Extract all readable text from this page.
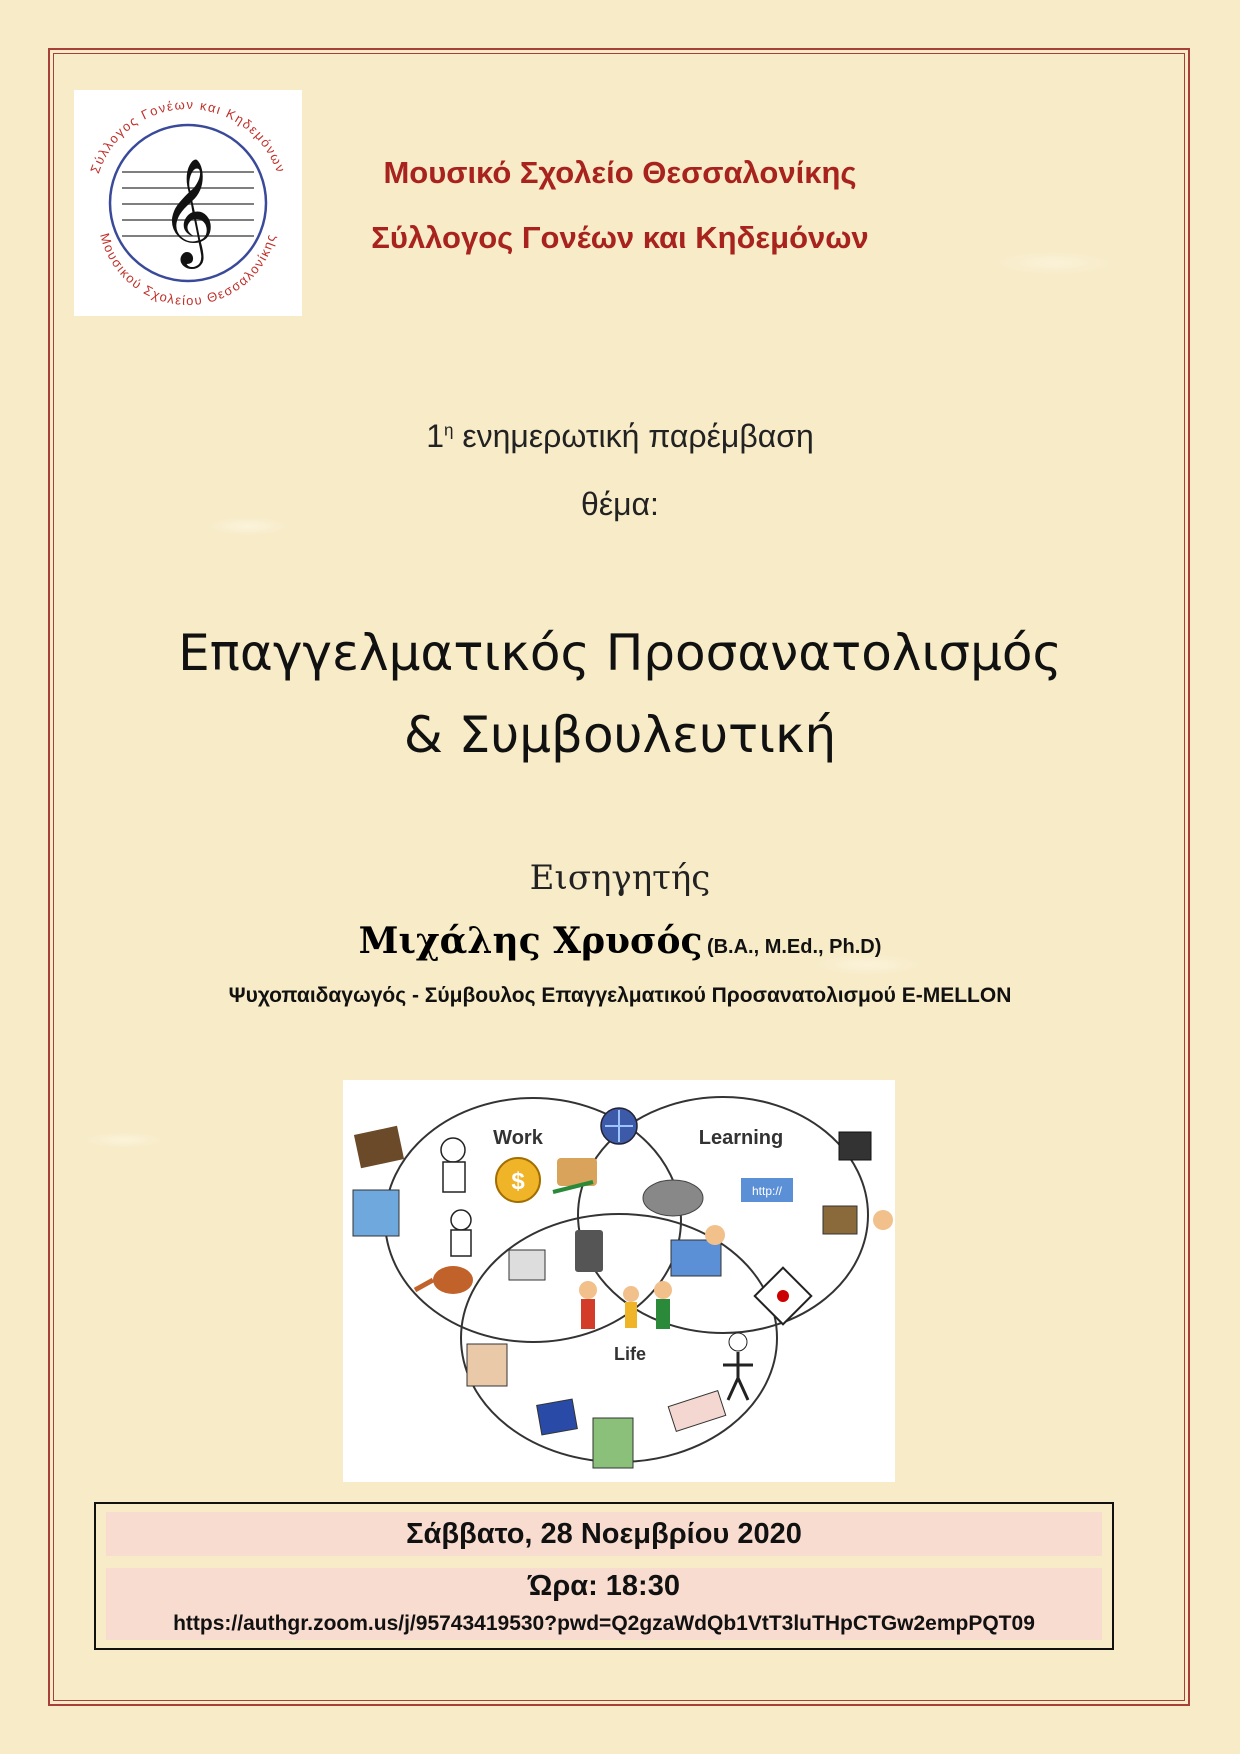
Σύλλογος Γονέων και Κηδεμόνων
Μουσικού Σχολείου Θεσσαλονίκης
𝄞	Μουσικό Σχολείο Θεσσαλονίκης
Σύλλογος Γονέων και Κηδεμόνων
$1^\eta$ ενημερωτική παρέμβαση
θέμα:
Επαγγελματικός Προσανατολισμός
& Συμβουλευτική
Εισηγητής
Μιχάλης Χρυσός (B.A., M.Ed., Ph.D)
Ψυχοπαιδαγωγός - Σύμβουλος Επαγγελματικού Προσανατολισμού E-MELLON
Work	Learning
Life
$	http://
Σάββατο, 28 Νοεμβρίου 2020
Ώρα: 18:30
https://authgr.zoom.us/j/95743419530?pwd=Q2gzaWdQb1VtT3luTHpCTGw2empPQT09
